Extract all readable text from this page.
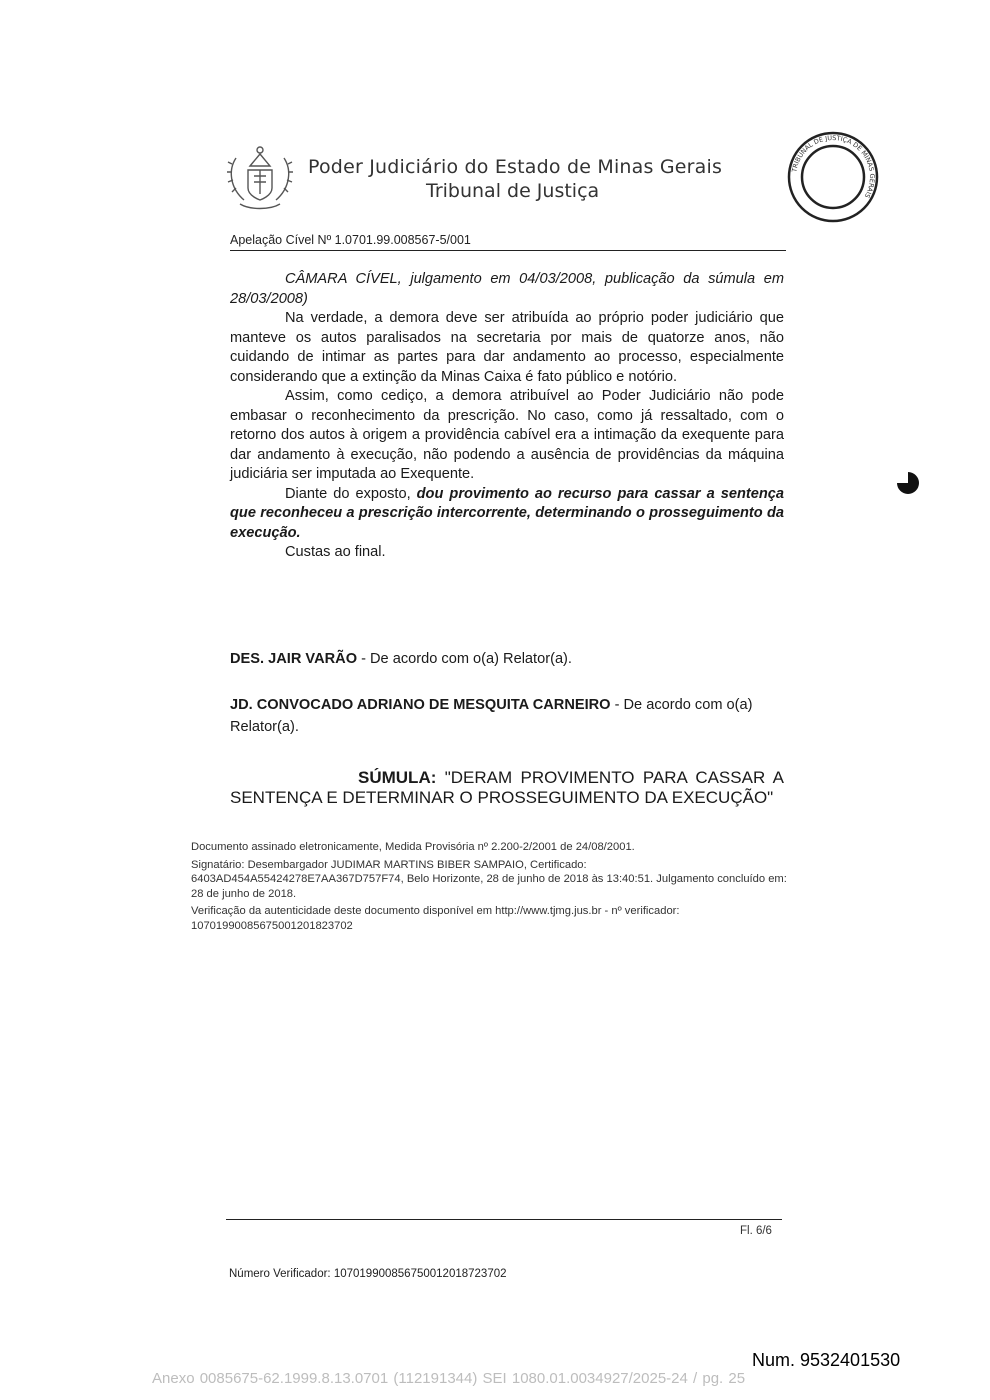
Poder Judiciário do Estado de Minas Gerais
Tribunal de Justiça
TRIBUNAL DE JUSTIÇA DE MINAS GERAIS
Apelação Cível Nº 1.0701.99.008567-5/001

CÂMARA CÍVEL, julgamento em 04/03/2008, publicação da súmula em 28/03/2008)

Na verdade, a demora deve ser atribuída ao próprio poder judiciário que manteve os autos paralisados na secretaria por mais de quatorze anos, não cuidando de intimar as partes para dar andamento ao processo, especialmente considerando que a extinção da Minas Caixa é fato público e notório.

Assim, como cediço, a demora atribuível ao Poder Judiciário não pode embasar o reconhecimento da prescrição. No caso, como já ressaltado, com o retorno dos autos à origem a providência cabível era a intimação da exequente para dar andamento à execução, não podendo a ausência de providências da máquina judiciária ser imputada ao Exequente.

Diante do exposto, dou provimento ao recurso para cassar a sentença que reconheceu a prescrição intercorrente, determinando o prosseguimento da execução.

Custas ao final.

DES. JAIR VARÃO - De acordo com o(a) Relator(a).
JD. CONVOCADO ADRIANO DE MESQUITA CARNEIRO - De acordo com o(a) Relator(a).
SÚMULA: "DERAM PROVIMENTO PARA CASSAR A SENTENÇA E DETERMINAR O PROSSEGUIMENTO DA EXECUÇÃO"

Documento assinado eletronicamente, Medida Provisória nº 2.200-2/2001 de 24/08/2001.

Signatário: Desembargador JUDIMAR MARTINS BIBER SAMPAIO, Certificado: 6403AD454A55424278E7AA367D757F74, Belo Horizonte, 28 de junho de 2018 às 13:40:51. Julgamento concluído em: 28 de junho de 2018.

Verificação da autenticidade deste documento disponível em http://www.tjmg.jus.br - nº verificador: 1070199008567500120182370​2

Fl. 6/6
Número Verificador: 10701990085675001201872370​2
Num. 9532401530
Anexo 0085675-62.1999.8.13.0701 (112191344) SEI 1080.01.0034927/2025-24 / pg. 25
